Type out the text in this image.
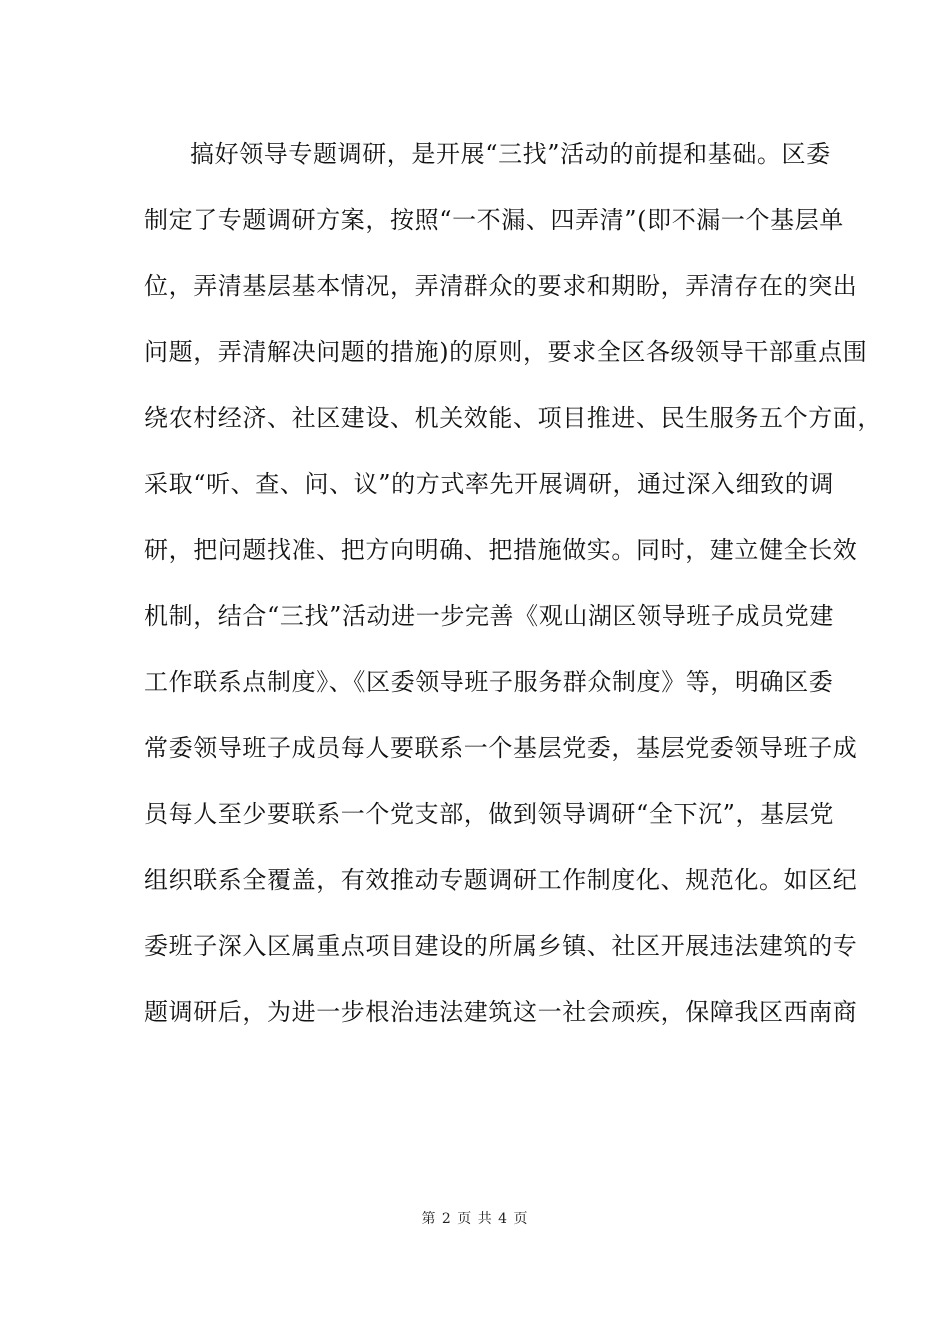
搞好领导专题调研，是开展“三找”活动的前提和基础。区委
制定了专题调研方案，按照“一不漏、四弄清”(即不漏一个基层单
位，弄清基层基本情况，弄清群众的要求和期盼，弄清存在的突出
问题，弄清解决问题的措施)的原则，要求全区各级领导干部重点围
绕农村经济、社区建设、机关效能、项目推进、民生服务五个方面，
采取“听、查、问、议”的方式率先开展调研，通过深入细致的调
研，把问题找准、把方向明确、把措施做实。同时，建立健全长效
机制，结合“三找”活动进一步完善《观山湖区领导班子成员党建
工作联系点制度》、《区委领导班子服务群众制度》等，明确区委
常委领导班子成员每人要联系一个基层党委，基层党委领导班子成
员每人至少要联系一个党支部，做到领导调研“全下沉”，基层党
组织联系全覆盖，有效推动专题调研工作制度化、规范化。如区纪
委班子深入区属重点项目建设的所属乡镇、社区开展违法建筑的专
题调研后，为进一步根治违法建筑这一社会顽疾，保障我区西南商
第 2 页 共 4 页
